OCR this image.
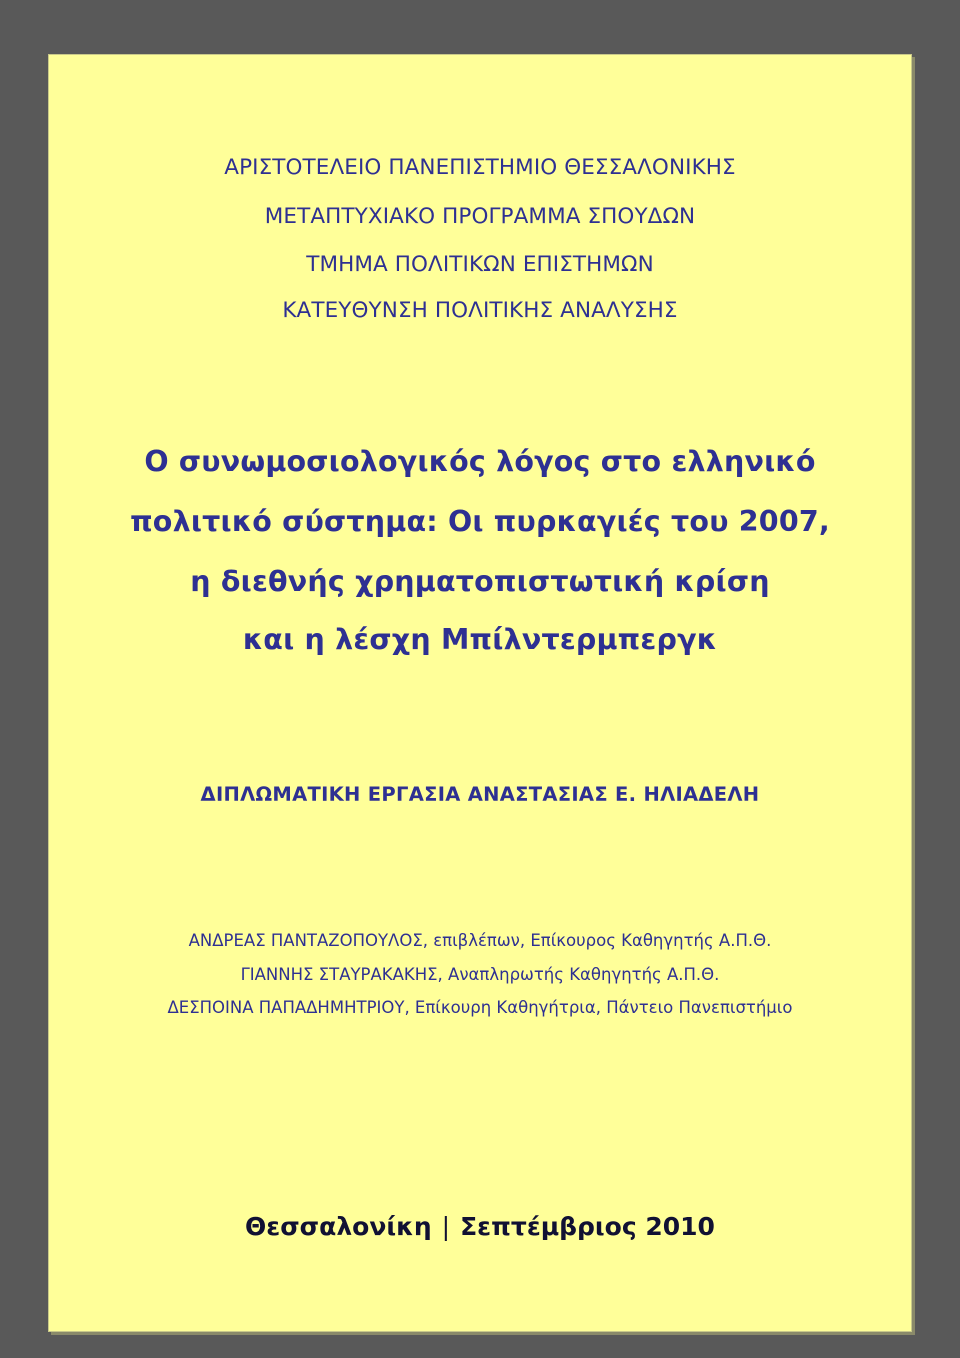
ΑΡΙΣΤΟΤΕΛΕΙΟ ΠΑΝΕΠΙΣΤΗΜΙΟ ΘΕΣΣΑΛΟΝΙΚΗΣ
ΜΕΤΑΠΤΥΧΙΑΚΟ ΠΡΟΓΡΑΜΜΑ ΣΠΟΥΔΩΝ
ΤΜΗΜΑ ΠΟΛΙΤΙΚΩΝ ΕΠΙΣΤΗΜΩΝ
ΚΑΤΕΥΘΥΝΣΗ ΠΟΛΙΤΙΚΗΣ ΑΝΑΛΥΣΗΣ
Ο συνωμοσιολογικός λόγος στο ελληνικό
πολιτικό σύστημα: Οι πυρκαγιές του 2007,
η διεθνής χρηματοπιστωτική κρίση
και η λέσχη Μπίλντερμπεργκ
ΔΙΠΛΩΜΑΤΙΚΗ ΕΡΓΑΣΙΑ ΑΝΑΣΤΑΣΙΑΣ Ε. ΗΛΙΑΔΕΛΗ
ΑΝΔΡΕΑΣ ΠΑΝΤΑΖΟΠΟΥΛΟΣ, επιβλέπων, Επίκουρος Καθηγητής Α.Π.Θ.
ΓΙΑΝΝΗΣ ΣΤΑΥΡΑΚΑΚΗΣ, Αναπληρωτής Καθηγητής Α.Π.Θ.
ΔΕΣΠΟΙΝΑ ΠΑΠΑΔΗΜΗΤΡΙΟΥ, Επίκουρη Καθηγήτρια, Πάντειο Πανεπιστήμιο
Θεσσαλονίκη | Σεπτέμβριος 2010
